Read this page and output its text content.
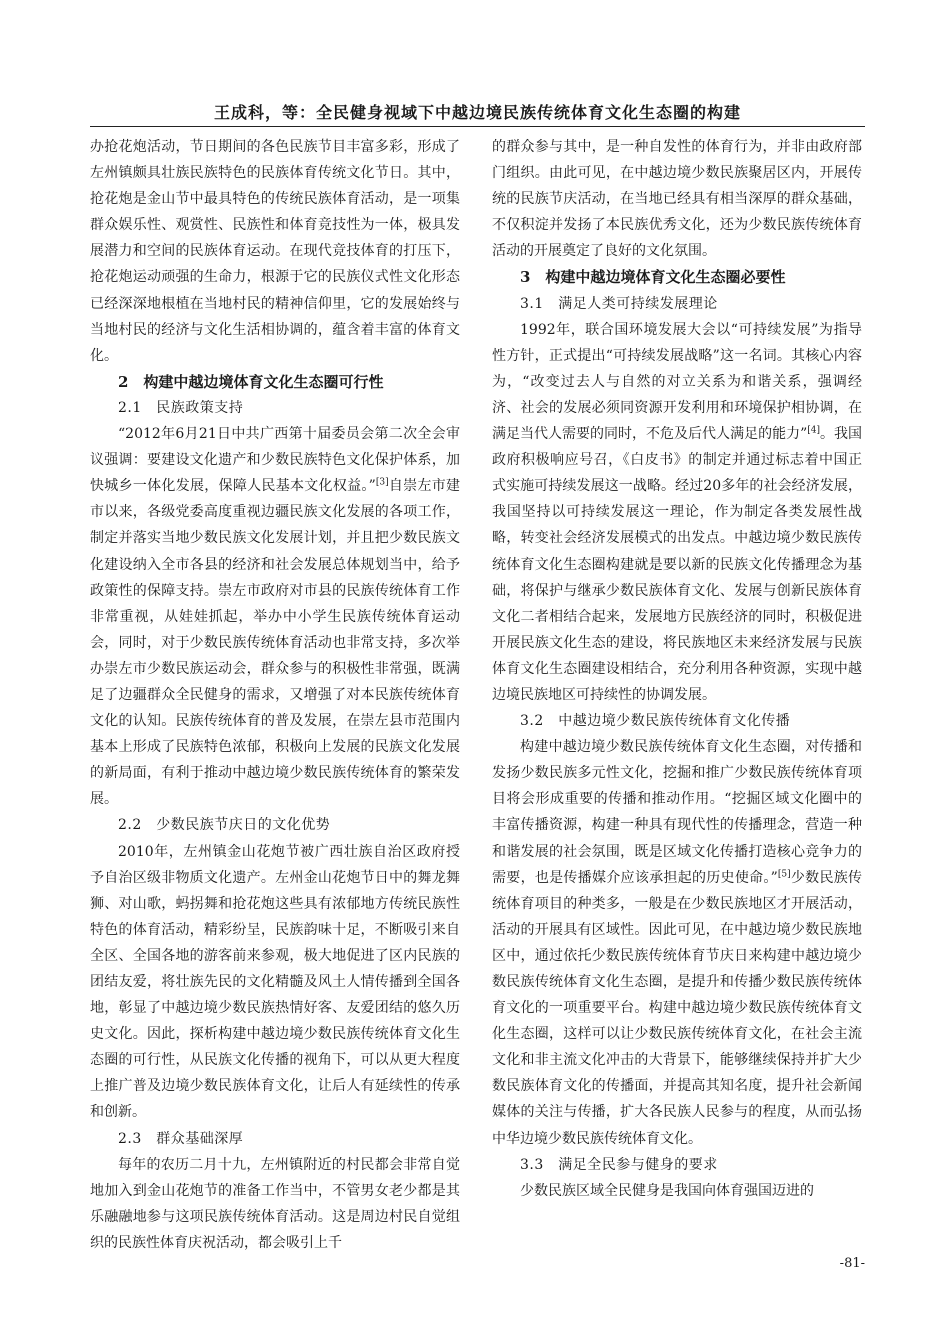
王成科，等：全民健身视域下中越边境民族传统体育文化生态圈的构建

办抢花炮活动，节日期间的各色民族节目丰富多彩，形成了左州镇颇具壮族民族特色的民族体育传统文化节日。其中，抢花炮是金山节中最具特色的传统民族体育活动，是一项集群众娱乐性、观赏性、民族性和体育竞技性为一体，极具发展潜力和空间的民族体育运动。在现代竞技体育的打压下，抢花炮运动顽强的生命力，根源于它的民族仪式性文化形态已经深深地根植在当地村民的精神信仰里，它的发展始终与当地村民的经济与文化生活相协调的，蕴含着丰富的体育文化。

2　构建中越边境体育文化生态圈可行性
2.1　民族政策支持

“2012年6月21日中共广西第十届委员会第二次全会审议强调：要建设文化遗产和少数民族特色文化保护体系，加快城乡一体化发展，保障人民基本文化权益。”[3]自崇左市建市以来，各级党委高度重视边疆民族文化发展的各项工作，制定并落实当地少数民族文化发展计划，并且把少数民族文化建设纳入全市各县的经济和社会发展总体规划当中，给予政策性的保障支持。崇左市政府对市县的民族传统体育工作非常重视，从娃娃抓起，举办中小学生民族传统体育运动会，同时，对于少数民族传统体育活动也非常支持，多次举办崇左市少数民族运动会，群众参与的积极性非常强，既满足了边疆群众全民健身的需求，又增强了对本民族传统体育文化的认知。民族传统体育的普及发展，在崇左县市范围内基本上形成了民族特色浓郁，积极向上发展的民族文化发展的新局面，有利于推动中越边境少数民族传统体育的繁荣发展。

2.2　少数民族节庆日的文化优势

2010年，左州镇金山花炮节被广西壮族自治区政府授予自治区级非物质文化遗产。左州金山花炮节日中的舞龙舞狮、对山歌，蚂拐舞和抢花炮这些具有浓郁地方传统民族性特色的体育活动，精彩纷呈，民族韵味十足，不断吸引来自全区、全国各地的游客前来参观，极大地促进了区内民族的团结友爱，将壮族先民的文化精髓及风土人情传播到全国各地，彰显了中越边境少数民族热情好客、友爱团结的悠久历史文化。因此，探析构建中越边境少数民族传统体育文化生态圈的可行性，从民族文化传播的视角下，可以从更大程度上推广普及边境少数民族体育文化，让后人有延续性的传承和创新。

2.3　群众基础深厚

每年的农历二月十九，左州镇附近的村民都会非常自觉地加入到金山花炮节的准备工作当中，不管男女老少都是其乐融融地参与这项民族传统体育活动。这是周边村民自觉组织的民族性体育庆祝活动，都会吸引上千

的群众参与其中，是一种自发性的体育行为，并非由政府部门组织。由此可见，在中越边境少数民族聚居区内，开展传统的民族节庆活动，在当地已经具有相当深厚的群众基础，不仅积淀并发扬了本民族优秀文化，还为少数民族传统体育活动的开展奠定了良好的文化氛围。

3　构建中越边境体育文化生态圈必要性
3.1　满足人类可持续发展理论

1992年，联合国环境发展大会以“可持续发展”为指导性方针，正式提出“可持续发展战略”这一名词。其核心内容为，“改变过去人与自然的对立关系为和谐关系，强调经济、社会的发展必须同资源开发利用和环境保护相协调，在满足当代人需要的同时，不危及后代人满足的能力”[4]。我国政府积极响应号召，《白皮书》的制定并通过标志着中国正式实施可持续发展这一战略。经过20多年的社会经济发展，我国坚持以可持续发展这一理论，作为制定各类发展性战略，转变社会经济发展模式的出发点。中越边境少数民族传统体育文化生态圈构建就是要以新的民族文化传播理念为基础，将保护与继承少数民族体育文化、发展与创新民族体育文化二者相结合起来，发展地方民族经济的同时，积极促进开展民族文化生态的建设，将民族地区未来经济发展与民族体育文化生态圈建设相结合，充分利用各种资源，实现中越边境民族地区可持续性的协调发展。

3.2　中越边境少数民族传统体育文化传播

构建中越边境少数民族传统体育文化生态圈，对传播和发扬少数民族多元性文化，挖掘和推广少数民族传统体育项目将会形成重要的传播和推动作用。“挖掘区域文化圈中的丰富传播资源，构建一种具有现代性的传播理念，营造一种和谐发展的社会氛围，既是区域文化传播打造核心竞争力的需要，也是传播媒介应该承担起的历史使命。”[5]少数民族传统体育项目的种类多，一般是在少数民族地区才开展活动，活动的开展具有区域性。因此可见，在中越边境少数民族地区中，通过依托少数民族传统体育节庆日来构建中越边境少数民族传统体育文化生态圈，是提升和传播少数民族传统体育文化的一项重要平台。构建中越边境少数民族传统体育文化生态圈，这样可以让少数民族传统体育文化，在社会主流文化和非主流文化冲击的大背景下，能够继续保持并扩大少数民族体育文化的传播面，并提高其知名度，提升社会新闻媒体的关注与传播，扩大各民族人民参与的程度，从而弘扬中华边境少数民族传统体育文化。

3.3　满足全民参与健身的要求

少数民族区域全民健身是我国向体育强国迈进的

-81-
